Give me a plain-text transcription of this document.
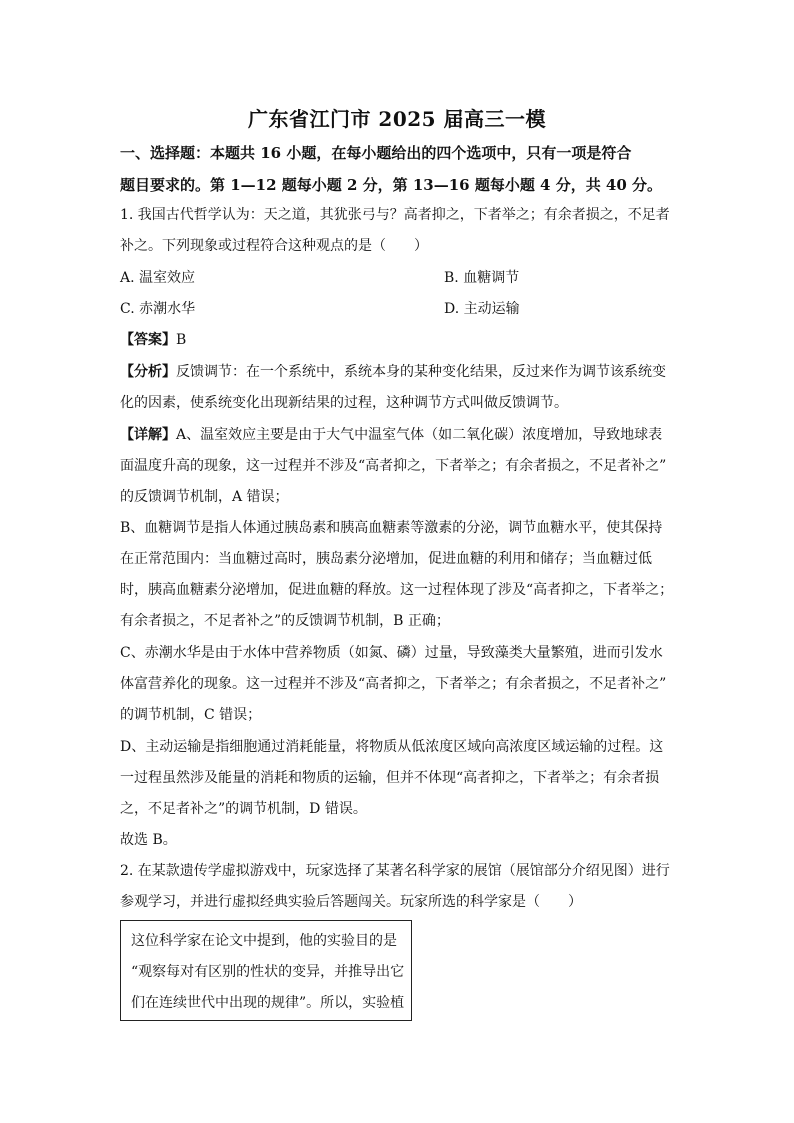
广东省江门市 2025 届高三一模
一、选择题：本题共 16 小题，在每小题给出的四个选项中，只有一项是符合
题目要求的。第 1—12 题每小题 2 分，第 13—16 题每小题 4 分，共 40 分。
1. 我国古代哲学认为：天之道，其犹张弓与？高者抑之，下者举之；有余者损之，不足者
补之。下列现象或过程符合这种观点的是（　　）
A. 温室效应	B. 血糖调节
C. 赤潮水华	D. 主动运输
【答案】B
【分析】反馈调节：在一个系统中，系统本身的某种变化结果，反过来作为调节该系统变
化的因素，使系统变化出现新结果的过程，这种调节方式叫做反馈调节。
【详解】A、温室效应主要是由于大气中温室气体（如二氧化碳）浓度增加，导致地球表
面温度升高的现象，这一过程并不涉及“高者抑之，下者举之；有余者损之，不足者补之”
的反馈调节机制，A 错误；
B、血糖调节是指人体通过胰岛素和胰高血糖素等激素的分泌，调节血糖水平，使其保持
在正常范围内：当血糖过高时，胰岛素分泌增加，促进血糖的利用和储存；当血糖过低
时，胰高血糖素分泌增加，促进血糖的释放。这一过程体现了涉及“高者抑之，下者举之；
有余者损之，不足者补之”的反馈调节机制，B 正确；
C、赤潮水华是由于水体中营养物质（如氮、磷）过量，导致藻类大量繁殖，进而引发水
体富营养化的现象。这一过程并不涉及“高者抑之，下者举之；有余者损之，不足者补之”
的调节机制，C 错误；
D、主动运输是指细胞通过消耗能量，将物质从低浓度区域向高浓度区域运输的过程。这
一过程虽然涉及能量的消耗和物质的运输，但并不体现“高者抑之，下者举之；有余者损
之，不足者补之”的调节机制，D 错误。
故选 B。
2. 在某款遗传学虚拟游戏中，玩家选择了某著名科学家的展馆（展馆部分介绍见图）进行
参观学习，并进行虚拟经典实验后答题闯关。玩家所选的科学家是（　　）
这位科学家在论文中提到，他的实验目的是
“观察每对有区别的性状的变异，并推导出它
们在连续世代中出现的规律”。所以，实验植
